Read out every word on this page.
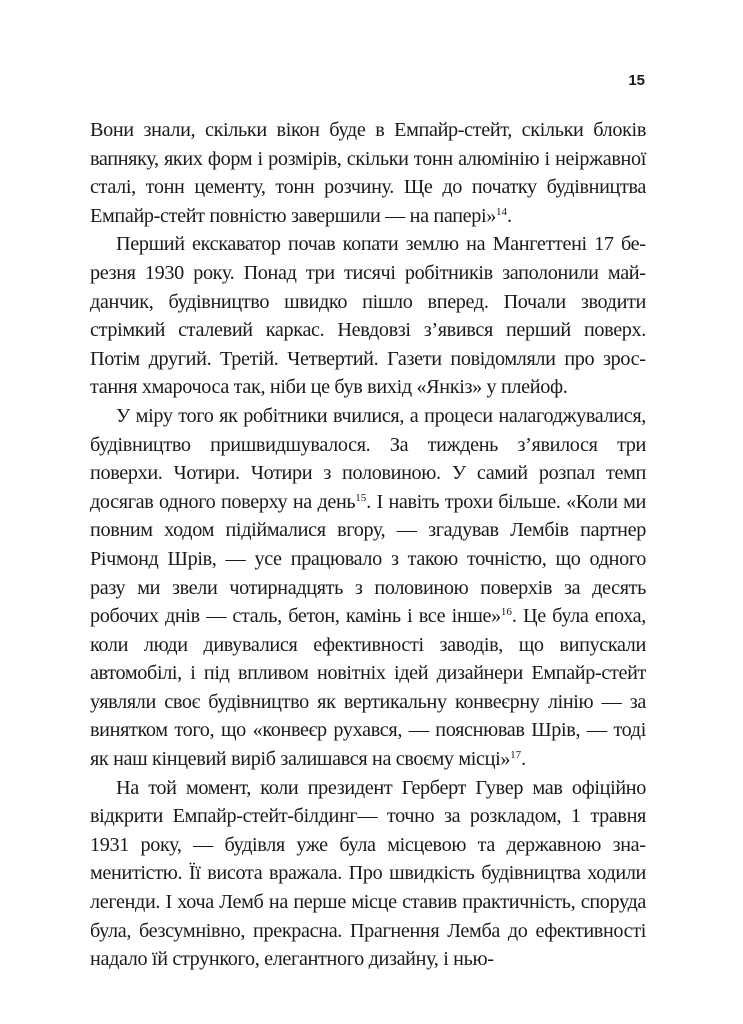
15

Вони знали, скільки вікон буде в Емпайр-стейт, скільки блоків вапняку, яких форм і розмірів, скільки тонн алюмінію і неіржавної сталі, тонн цементу, тонн розчину. Ще до початку будівництва Емпайр-стейт повністю завершили — на папері»$^{14}$.

Перший екскаватор почав копати землю на Мангеттені 17 березня 1930 року. Понад три тисячі робітників заполонили майданчик, будівництво швидко пішло вперед. Почали зводити стрімкий сталевий каркас. Невдовзі з’явився перший поверх. Потім другий. Третій. Четвертий. Газети повідомляли про зростання хмарочоса так, ніби це був вихід «Янкіз» у плейоф.

У міру того як робітники вчилися, а процеси налагоджувалися, будівництво пришвидшувалося. За тиждень з’явилося три поверхи. Чотири. Чотири з половиною. У самий розпал темп досягав одного поверху на день$^{15}$. І навіть трохи більше. «Коли ми повним ходом підіймалися вгору, — згадував Лембів партнер Річмонд Шрів, — усе працювало з такою точністю, що одного разу ми звели чотирнадцять з половиною поверхів за десять робочих днів — сталь, бетон, камінь і все інше»$^{16}$. Це була епоха, коли люди дивувалися ефективності заводів, що випускали автомобілі, і під впливом новітніх ідей дизайнери Емпайр-стейт уявляли своє будівництво як вертикальну конвеєрну лінію — за винятком того, що «конвеєр рухався, — пояснював Шрів, — тоді як наш кінцевий виріб залишався на своєму місці»$^{17}$.

На той момент, коли президент Герберт Гувер мав офіційно відкрити Емпайр-стейт-білдинг— точно за розкладом, 1 травня 1931 року, — будівля уже була місцевою та державною знаменитістю. Її висота вражала. Про швидкість будівництва ходили легенди. І хоча Лемб на перше місце ставив практичність, споруда була, безсумнівно, прекрасна. Прагнення Лемба до ефективності надало їй стрункого, елегантного дизайну, і нью-
